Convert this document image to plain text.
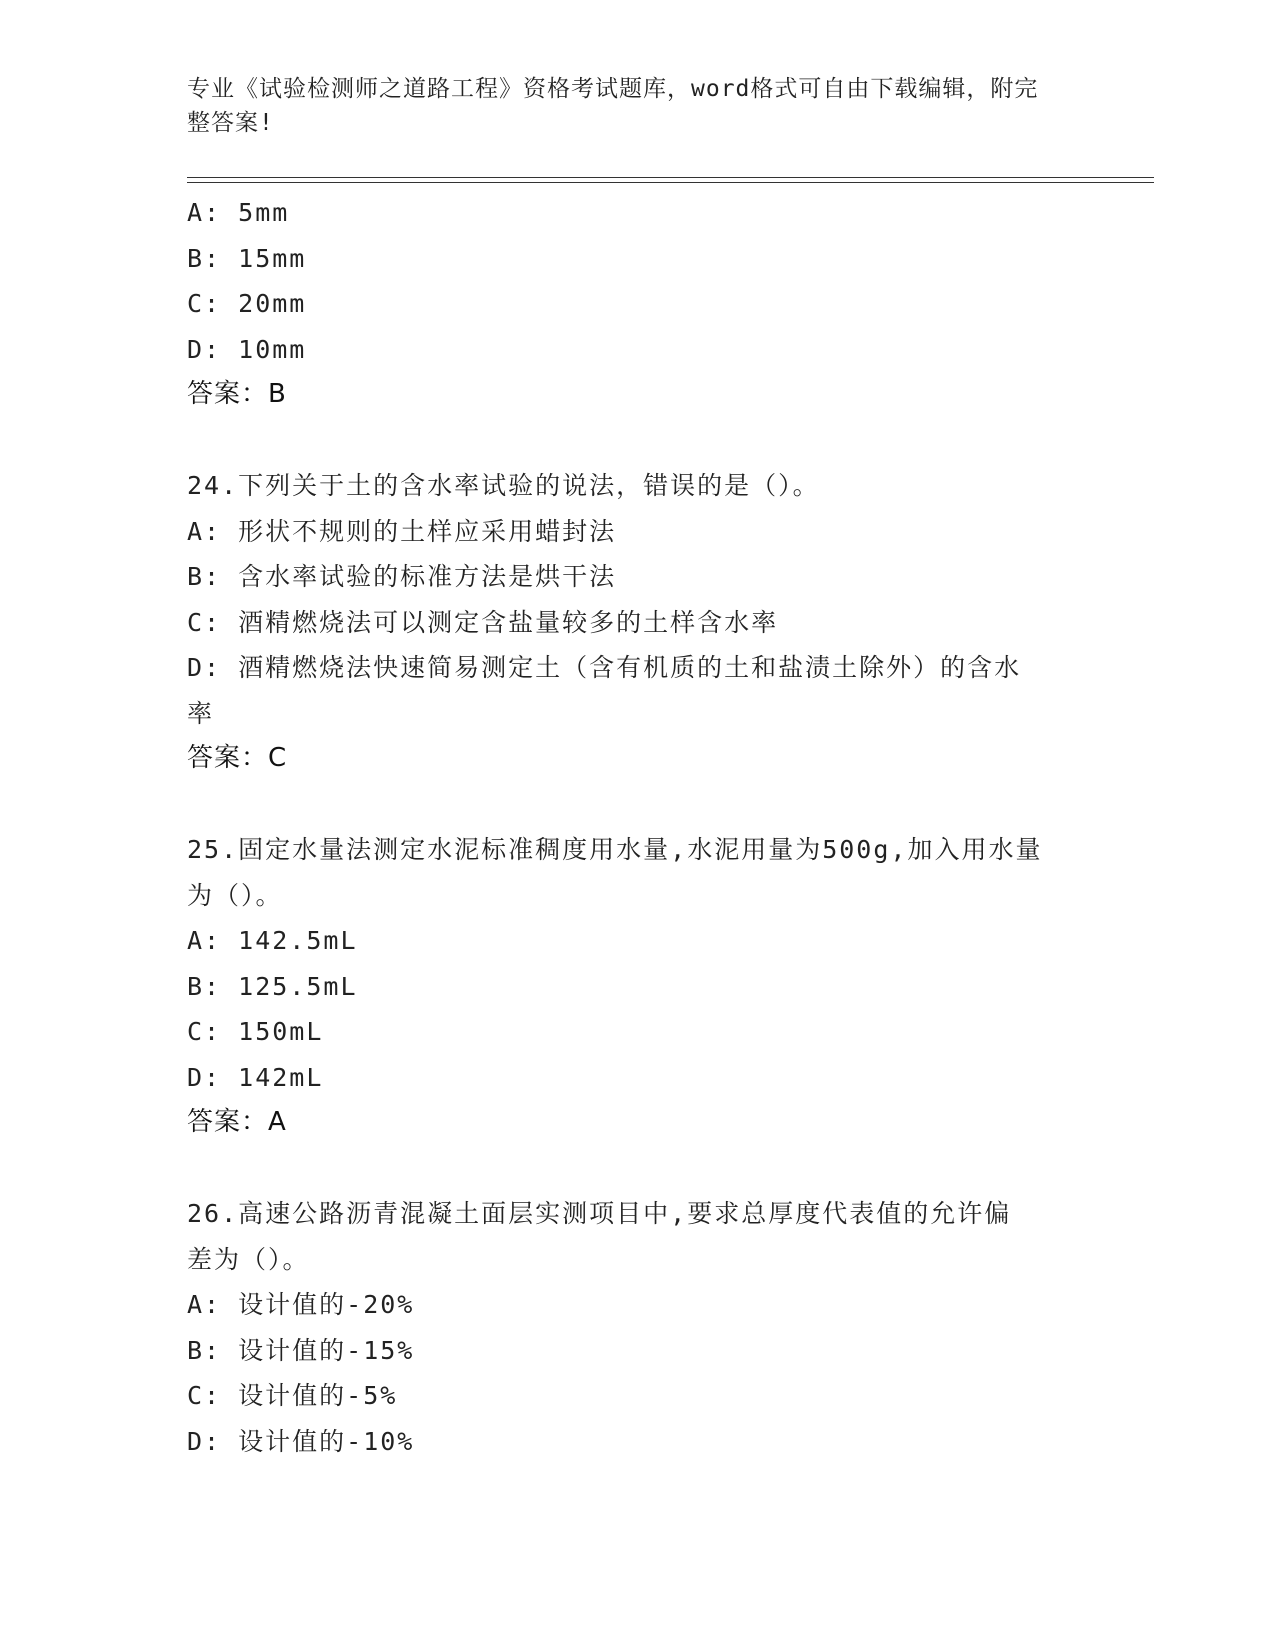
专业《试验检测师之道路工程》资格考试题库，word格式可自由下载编辑，附完
整答案!
A: 5mm
B: 15mm
C: 20mm
D: 10mm
答案：B
24.下列关于土的含水率试验的说法，错误的是（）。
A: 形状不规则的土样应采用蜡封法
B: 含水率试验的标准方法是烘干法
C: 酒精燃烧法可以测定含盐量较多的土样含水率
D: 酒精燃烧法快速简易测定土（含有机质的土和盐渍土除外）的含水
率
答案：C
25.固定水量法测定水泥标准稠度用水量,水泥用量为500g,加入用水量
为（）。
A: 142.5mL
B: 125.5mL
C: 150mL
D: 142mL
答案：A
26.高速公路沥青混凝土面层实测项目中,要求总厚度代表值的允许偏
差为（）。
A: 设计值的-20%
B: 设计值的-15%
C: 设计值的-5%
D: 设计值的-10%
